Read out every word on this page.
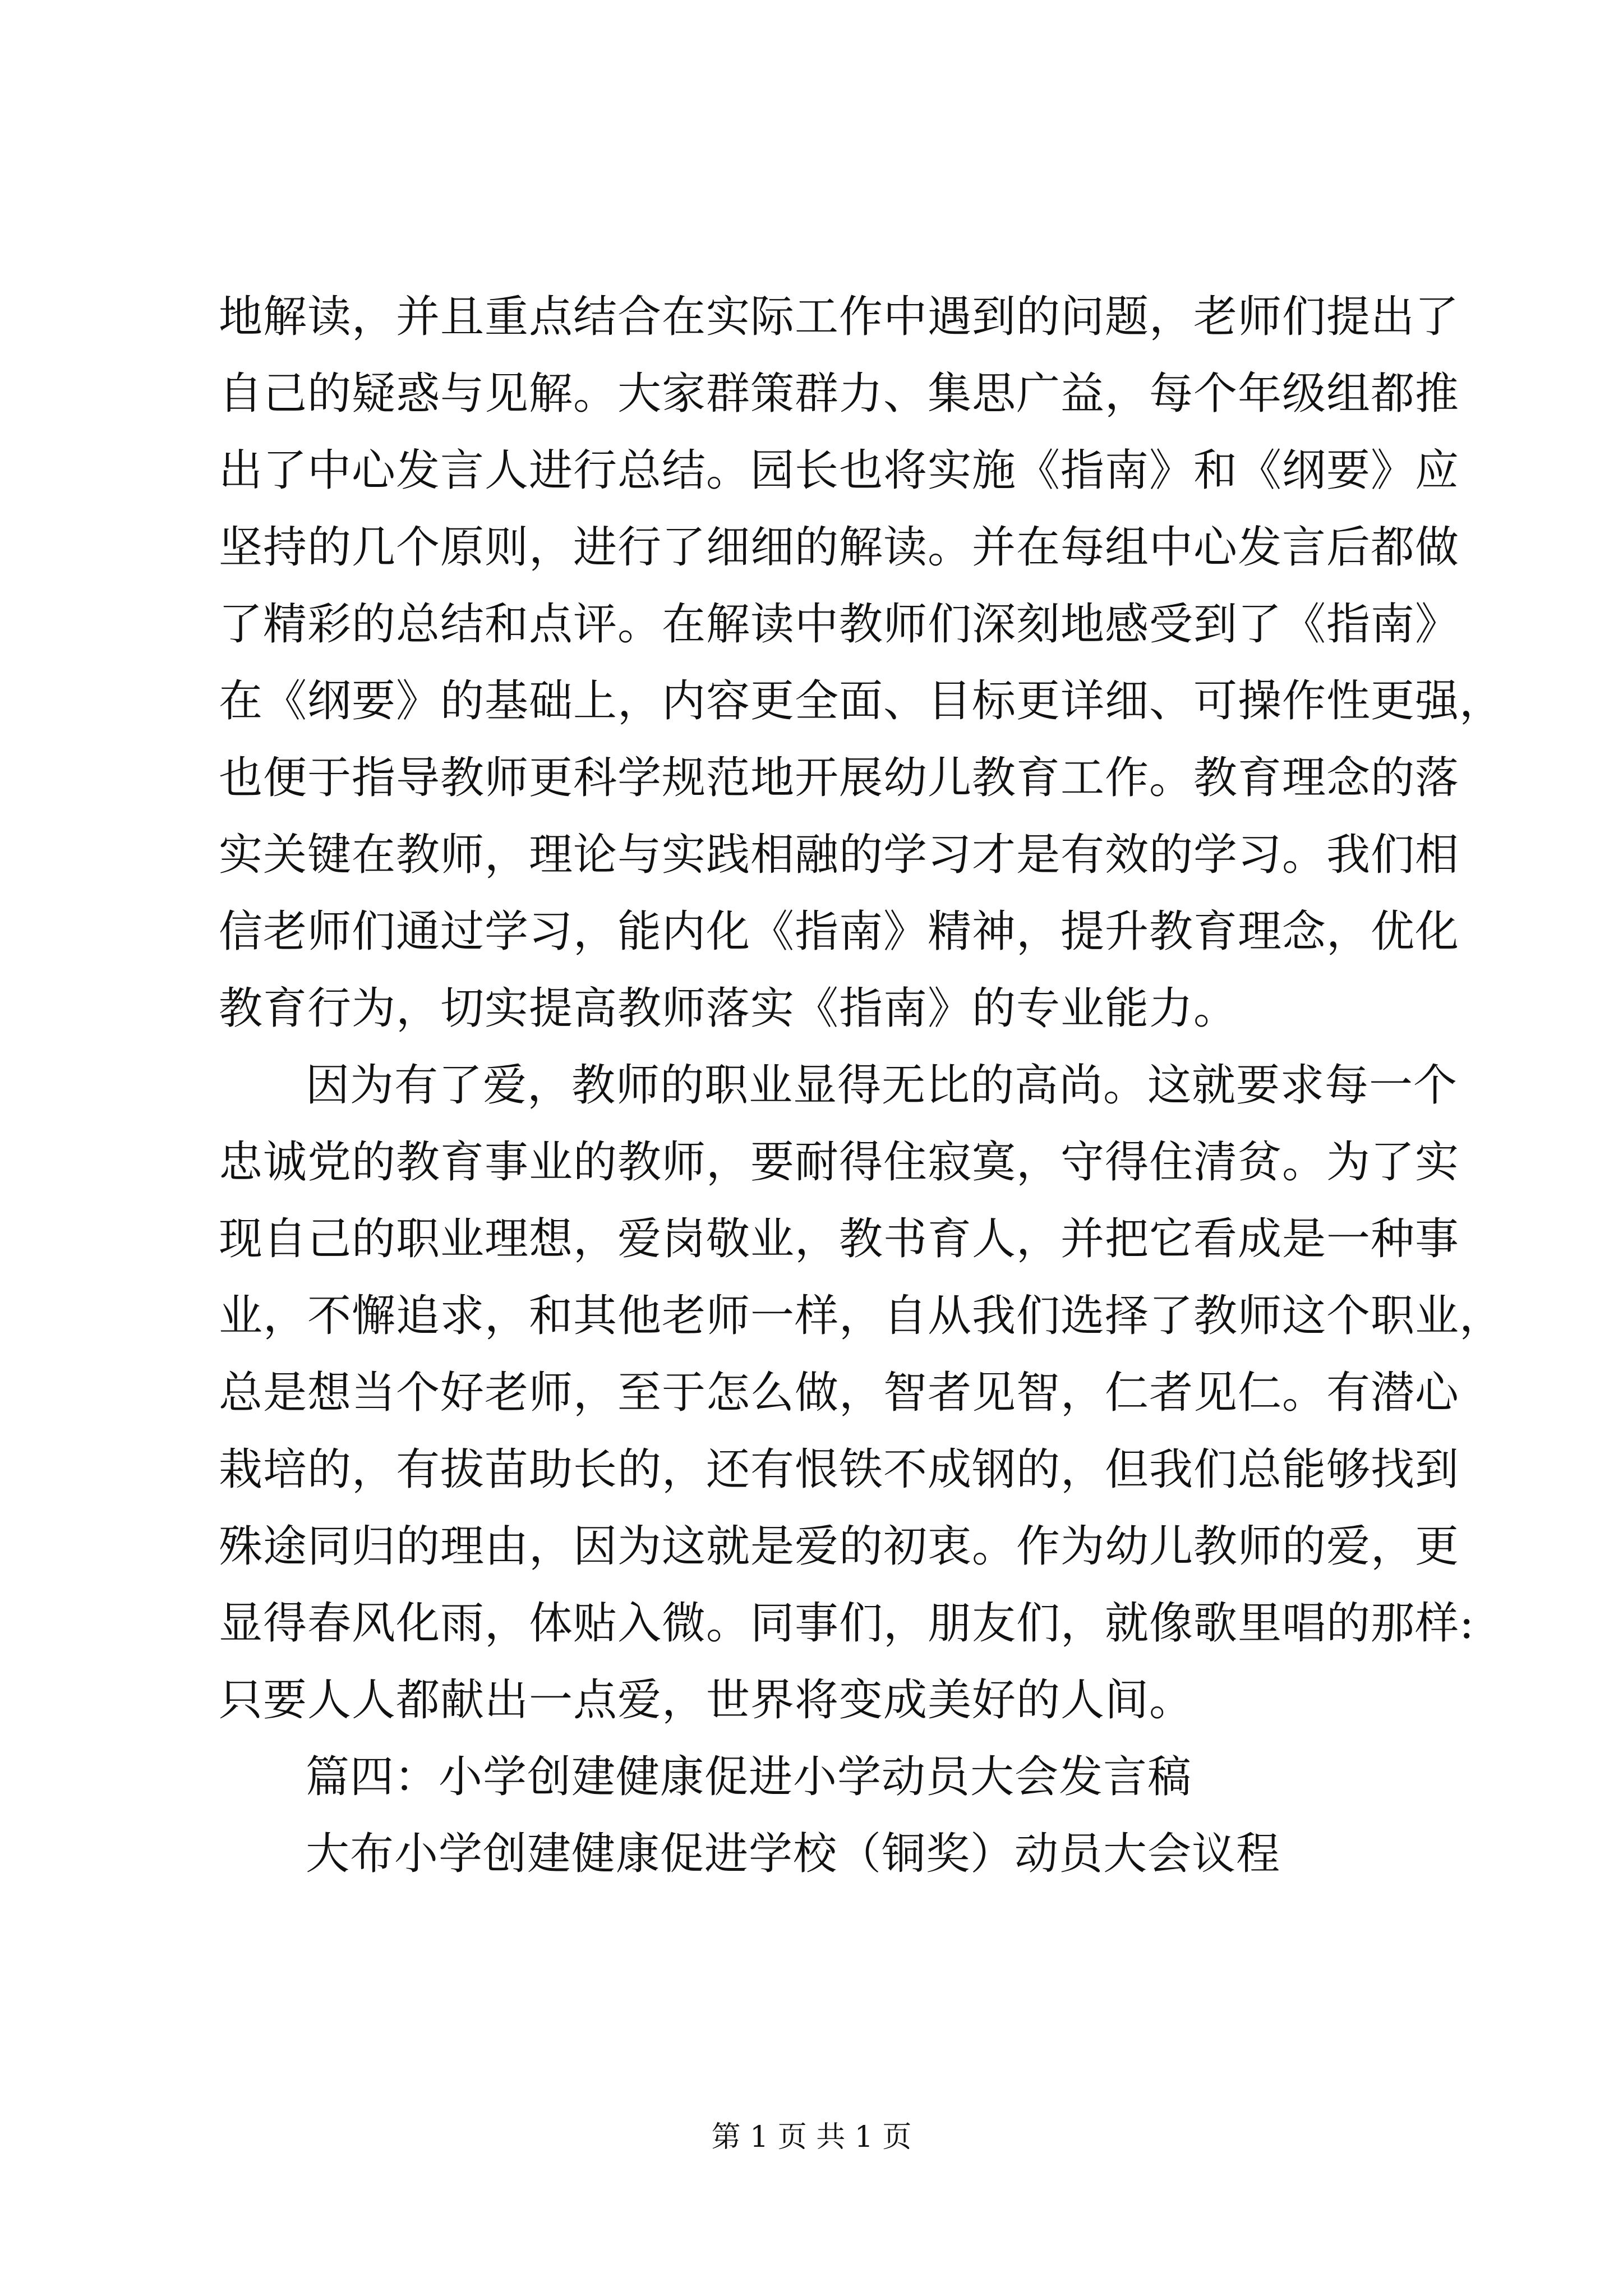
地解读，并且重点结合在实际工作中遇到的问题，老师们提出了
自己的疑惑与见解。大家群策群力、集思广益，每个年级组都推
出了中心发言人进行总结。园长也将实施《指南》和《纲要》应
坚持的几个原则，进行了细细的解读。并在每组中心发言后都做
了精彩的总结和点评。在解读中教师们深刻地感受到了《指南》
在《纲要》的基础上，内容更全面、目标更详细、可操作性更强，
也便于指导教师更科学规范地开展幼儿教育工作。教育理念的落
实关键在教师，理论与实践相融的学习才是有效的学习。我们相
信老师们通过学习，能内化《指南》精神，提升教育理念，优化
教育行为，切实提高教师落实《指南》的专业能力。
因为有了爱，教师的职业显得无比的高尚。这就要求每一个
忠诚党的教育事业的教师，要耐得住寂寞，守得住清贫。为了实
现自己的职业理想，爱岗敬业，教书育人，并把它看成是一种事
业，不懈追求，和其他老师一样，自从我们选择了教师这个职业，
总是想当个好老师，至于怎么做，智者见智，仁者见仁。有潜心
栽培的，有拔苗助长的，还有恨铁不成钢的，但我们总能够找到
殊途同归的理由，因为这就是爱的初衷。作为幼儿教师的爱，更
显得春风化雨，体贴入微。同事们，朋友们，就像歌里唱的那样:
只要人人都献出一点爱，世界将变成美好的人间。
篇四：小学创建健康促进小学动员大会发言稿
大布小学创建健康促进学校（铜奖）动员大会议程
第 1 页 共 1 页
